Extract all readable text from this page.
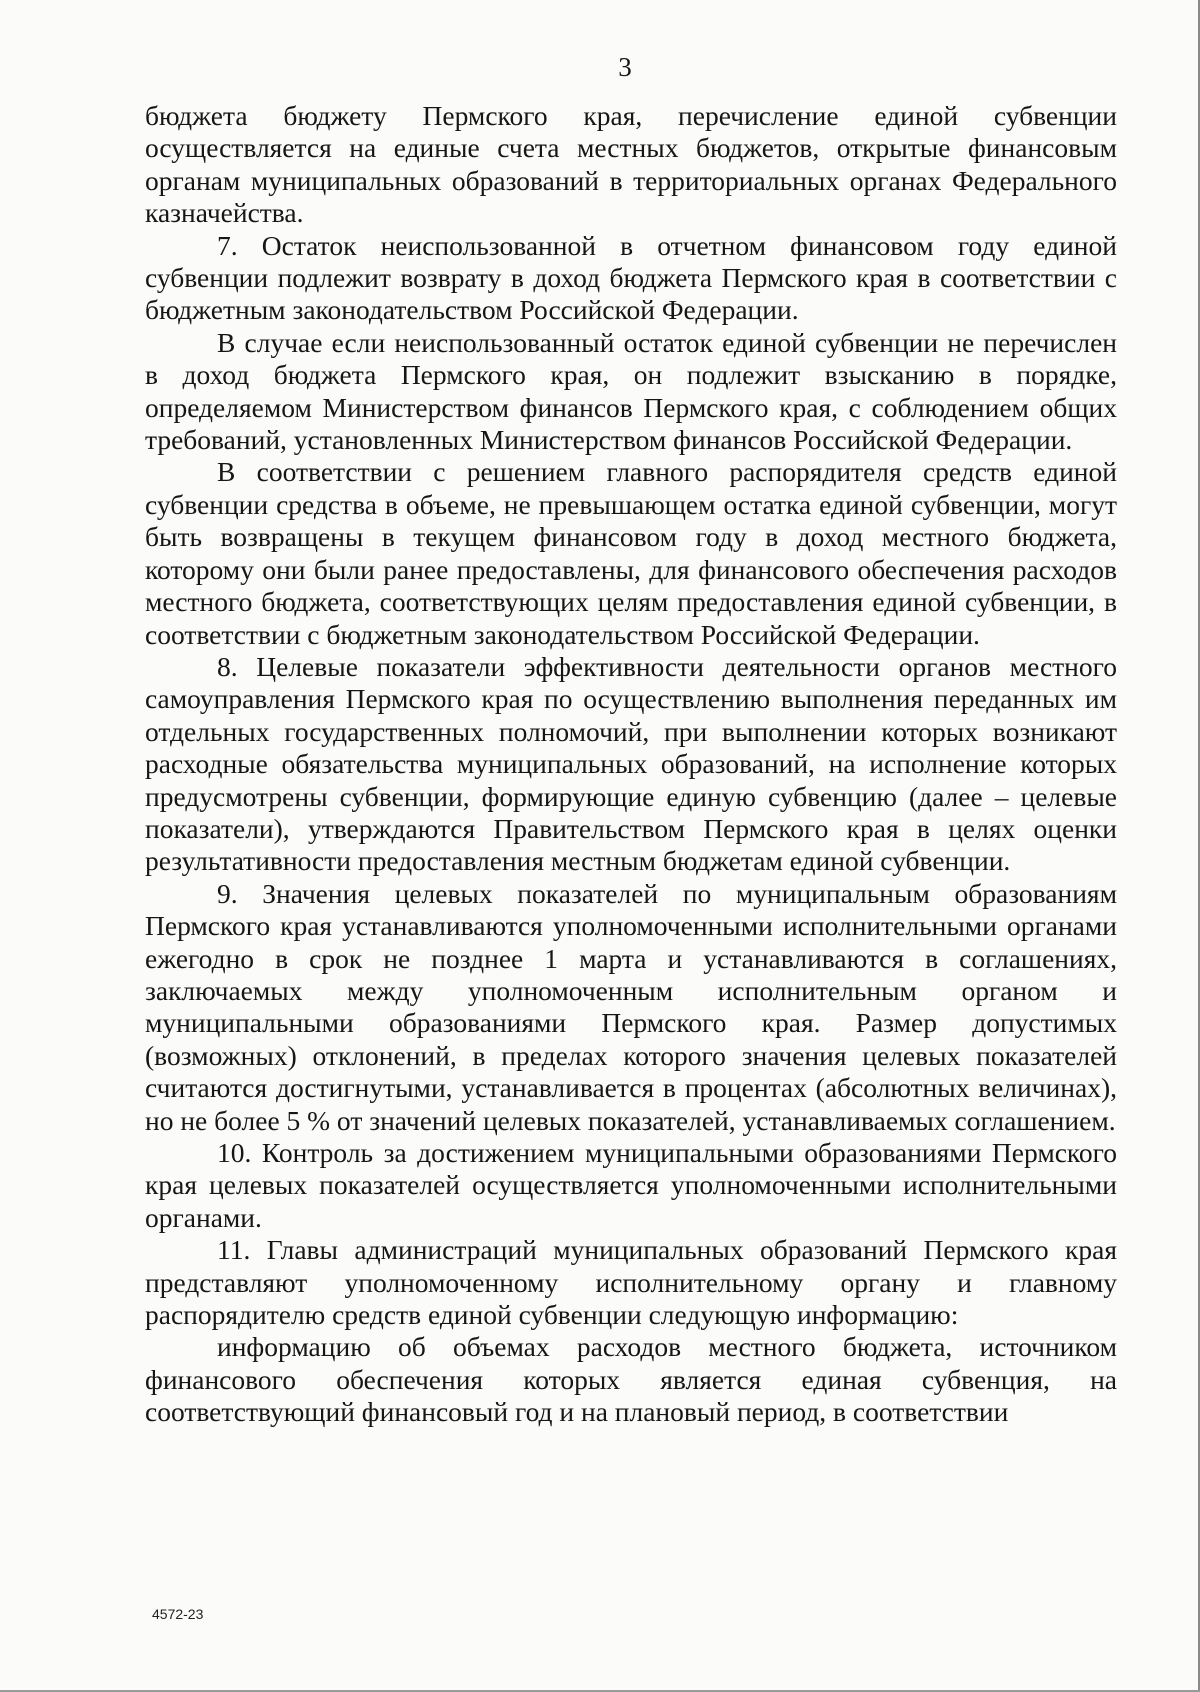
3

бюджета бюджету Пермского края, перечисление единой субвенции осуществляется на единые счета местных бюджетов, открытые финансовым органам муниципальных образований в территориальных органах Федерального казначейства.

7. Остаток неиспользованной в отчетном финансовом году единой субвенции подлежит возврату в доход бюджета Пермского края в соответствии с бюджетным законодательством Российской Федерации.

В случае если неиспользованный остаток единой субвенции не перечислен в доход бюджета Пермского края, он подлежит взысканию в порядке, определяемом Министерством финансов Пермского края, с соблюдением общих требований, установленных Министерством финансов Российской Федерации.

В соответствии с решением главного распорядителя средств единой субвенции средства в объеме, не превышающем остатка единой субвенции, могут быть возвращены в текущем финансовом году в доход местного бюджета, которому они были ранее предоставлены, для финансового обеспечения расходов местного бюджета, соответствующих целям предоставления единой субвенции, в соответствии с бюджетным законодательством Российской Федерации.

8. Целевые показатели эффективности деятельности органов местного самоуправления Пермского края по осуществлению выполнения переданных им отдельных государственных полномочий, при выполнении которых возникают расходные обязательства муниципальных образований, на исполнение которых предусмотрены субвенции, формирующие единую субвенцию (далее – целевые показатели), утверждаются Правительством Пермского края в целях оценки результативности предоставления местным бюджетам единой субвенции.

9. Значения целевых показателей по муниципальным образованиям Пермского края устанавливаются уполномоченными исполнительными органами ежегодно в срок не позднее 1 марта и устанавливаются в соглашениях, заключаемых между уполномоченным исполнительным органом и муниципальными образованиями Пермского края. Размер допустимых (возможных) отклонений, в пределах которого значения целевых показателей считаются достигнутыми, устанавливается в процентах (абсолютных величинах), но не более 5 % от значений целевых показателей, устанавливаемых соглашением.

10. Контроль за достижением муниципальными образованиями Пермского края целевых показателей осуществляется уполномоченными исполнительными органами.

11. Главы администраций муниципальных образований Пермского края представляют уполномоченному исполнительному органу и главному распорядителю средств единой субвенции следующую информацию:

информацию об объемах расходов местного бюджета, источником финансового обеспечения которых является единая субвенция, на соответствующий финансовый год и на плановый период, в соответствии

4572-23
